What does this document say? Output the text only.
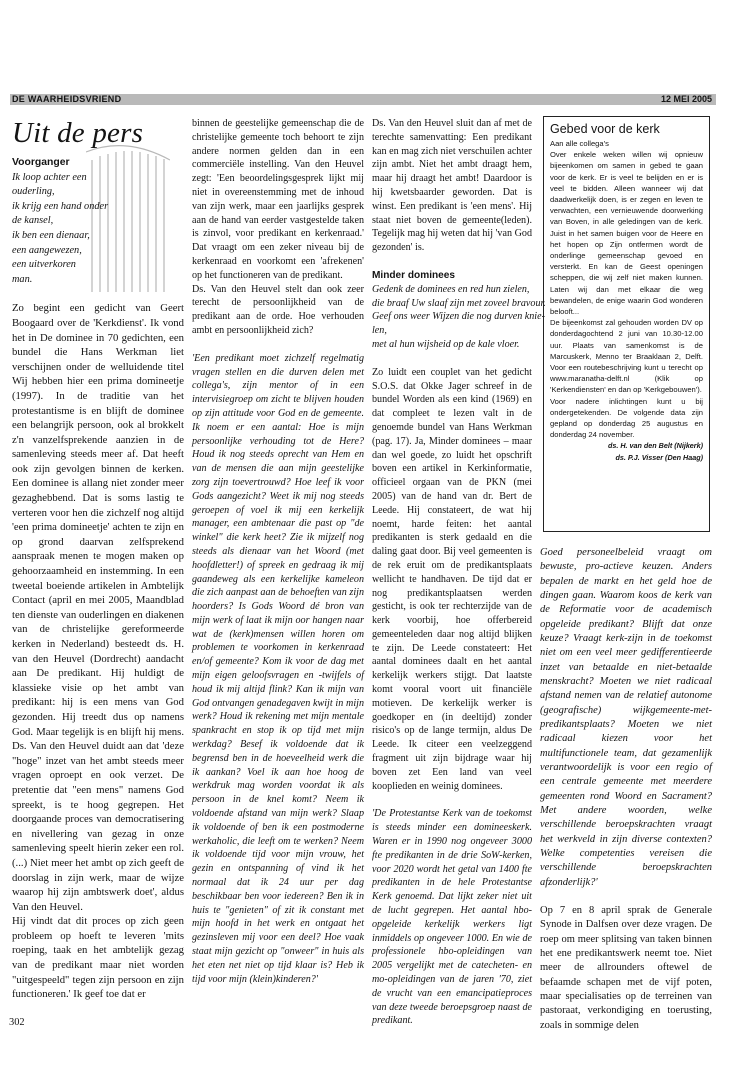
DE WAARHEIDSVRIEND	12 MEI 2005
Uit de pers

Voorganger

Ik loop achter een

ouderling,

ik krijg een hand onder

de kansel,

ik ben een dienaar,

een aangewezen,

een uitverkoren

man.

Zo begint een gedicht van Geert Boogaard over de 'Kerkdienst'. Ik vond het in De dominee in 70 gedichten, een bundel die Hans Werkman liet verschijnen onder de welluidende titel Wij hebben hier een prima domineetje (1997). In de traditie van het protestantisme is en blijft de dominee een belangrijk persoon, ook al brokkelt z'n vanzelfsprekende aanzien in de samenleving steeds meer af. Dat heeft ook zijn gevolgen binnen de kerken. Een dominee is allang niet zonder meer gezaghebbend. Dat is soms lastig te verteren voor hen die zichzelf nog altijd 'een prima domineetje' achten te zijn en op grond daarvan zelfsprekend aanspraak menen te mogen maken op gehoorzaamheid en instemming. In een tweetal boeiende artikelen in Ambtelijk Contact (april en mei 2005, Maandblad ten dienste van ouderlingen en diakenen van de christelijke gereformeerde kerken in Nederland) besteedt ds. H. van den Heuvel (Dordrecht) aandacht aan De predikant. Hij huldigt de klassieke visie op het ambt van predikant: hij is een mens van God gezonden. Hij treedt dus op namens God. Maar tegelijk is en blijft hij mens. Ds. Van den Heuvel duidt aan dat 'deze "hoge" inzet van het ambt steeds meer vragen oproept en ook verzet. De pretentie dat "een mens" namens God spreekt, is te hoog gegrepen. Het doorgaande proces van democratisering en nivellering van gezag in onze samenleving speelt hierin zeker een rol. (...) Niet meer het ambt op zich geeft de doorslag in zijn werk, maar de wijze waarop hij zijn ambtswerk doet', aldus Van den Heuvel.

Hij vindt dat dit proces op zich geen probleem op hoeft te leveren 'mits roeping, taak en het ambtelijk gezag van de predikant maar niet worden "uitgespeeld" tegen zijn persoon en zijn functioneren.' Ik geef toe dat er

302

binnen de geestelijke gemeenschap die de christelijke gemeente toch behoort te zijn andere normen gelden dan in een commerciële instelling. Van den Heuvel zegt: 'Een beoordelingsgesprek lijkt mij niet in overeenstemming met de inhoud van zijn werk, maar een jaarlijks gesprek aan de hand van eerder vastgestelde taken is zinvol, voor predikant en kerkenraad.' Dat vraagt om een zeker niveau bij de kerkenraad en voorkomt een 'afrekenen' op het functioneren van de predikant.

Ds. Van den Heuvel stelt dan ook zeer terecht de persoonlijkheid van de predikant aan de orde. Hoe verhouden ambt en persoonlijkheid zich?

'Een predikant moet zichzelf regelmatig vragen stellen en die durven delen met collega's, zijn mentor of in een intervisiegroep om zicht te blijven houden op zijn attitude voor God en de gemeente. Ik noem er een aantal: Hoe is mijn persoonlijke verhouding tot de Here? Houd ik nog steeds oprecht van Hem en van de mensen die aan mijn geestelijke zorg zijn toevertrouwd? Hoe leef ik voor Gods aangezicht? Weet ik mij nog steeds geroepen of voel ik mij een kerkelijk manager, een ambtenaar die past op "de winkel" die kerk heet? Zie ik mijzelf nog steeds als dienaar van het Woord (met hoofdletter!) of spreek en gedraag ik mij gaandeweg als een kerkelijke kameleon die zich aanpast aan de behoeften van zijn hoorders? Is Gods Woord dé bron van mijn werk of laat ik mijn oor hangen naar wat de (kerk)mensen willen horen om problemen te voorkomen in kerkenraad en/of gemeente? Kom ik voor de dag met mijn eigen geloofsvragen en -twijfels of houd ik mij altijd flink? Kan ik mijn van God ontvangen genadegaven kwijt in mijn werk? Houd ik rekening met mijn mentale spankracht en stop ik op tijd met mijn werkdag? Besef ik voldoende dat ik begrensd ben in de hoeveelheid werk die ik aankan? Voel ik aan hoe hoog de werkdruk mag worden voordat ik als persoon in de knel komt? Neem ik voldoende afstand van mijn werk? Slaap ik voldoende of ben ik een postmoderne werkaholic, die leeft om te werken? Neem ik voldoende tijd voor mijn vrouw, het gezin en ontspanning of vind ik het normaal dat ik 24 uur per dag beschikbaar ben voor iedereen? Ben ik in huis te "genieten" of zit ik constant met mijn hoofd in het werk en ontgaat het gezinsleven mij voor een deel? Hoe vaak staat mijn gezicht op "onweer" in huis als het eten net niet op tijd klaar is? Heb ik tijd voor mijn (klein)kinderen?'

Ds. Van den Heuvel sluit dan af met de terechte samenvatting: Een predikant kan en mag zich niet verschuilen achter zijn ambt. Niet het ambt draagt hem, maar hij draagt het ambt! Daardoor is hij kwetsbaarder geworden. Dat is winst. Een predikant is 'een mens'. Hij staat niet boven de gemeente(leden). Tegelijk mag hij weten dat hij 'van God gezonden' is.

Minder dominees

Gedenk de dominees en red hun zielen,

die braaf Uw slaaf zijn met zoveel bravour.

Geef ons weer Wijzen die nog durven knie-

len,

met al hun wijsheid op de kale vloer.

Zo luidt een couplet van het gedicht S.O.S. dat Okke Jager schreef in de bundel Worden als een kind (1969) en dat compleet te lezen valt in de genoemde bundel van Hans Werkman (pag. 17). Ja, Minder dominees – maar dan wel goede, zo luidt het opschrift boven een artikel in Kerkinformatie, officieel orgaan van de PKN (mei 2005) van de hand van dr. Bert de Leede. Hij constateert, de wat hij noemt, harde feiten: het aantal predikanten is sterk gedaald en die daling gaat door. Bij veel gemeenten is de rek eruit om de predikantsplaats wellicht te handhaven. De tijd dat er nog predikantsplaatsen werden gesticht, is ook ter rechterzijde van de kerk voorbij, hoe offerbereid gemeenteleden daar nog altijd blijken te zijn. De Leede constateert: Het aantal dominees daalt en het aantal kerkelijk werkers stijgt. Dat laatste komt vooral voort uit financiële motieven. De kerkelijk werker is goedkoper en (in deeltijd) zonder risico's op de lange termijn, aldus De Leede. Ik citeer een veelzeggend fragment uit zijn bijdrage waar hij boven zet Een land van veel kooplieden en weinig dominees.

'De Protestantse Kerk van de toekomst is steeds minder een domineeskerk. Waren er in 1990 nog ongeveer 3000 fte predikanten in de drie SoW-kerken, voor 2020 wordt het getal van 1400 fte predikanten in de hele Protestantse Kerk genoemd. Dat lijkt zeker niet uit de lucht gegrepen. Het aantal hbo-opgeleide kerkelijk werkers ligt inmiddels op ongeveer 1000. En wie de professionele hbo-opleidingen van 2005 vergelijkt met de catecheten- en mo-opleidingen van de jaren '70, ziet de vrucht van een emancipatieproces van deze tweede beroepsgroep naast de predikant.

Gebed voor de kerk

Aan alle collega's

Over enkele weken willen wij opnieuw bijeenkomen om samen in gebed te gaan voor de kerk. Er is veel te belijden en er is veel te bidden. Alleen wanneer wij dat daadwerkelijk doen, is er zegen en leven te verwachten, een vernieuwende doorwerking van Boven, in alle geledingen van de kerk. Juist in het samen buigen voor de Heere en het hopen op Zijn ontfermen wordt de onderlinge gemeenschap gevoed en versterkt. En kan de Geest openingen scheppen, die wij zelf niet maken kunnen. Laten wij dan met elkaar die weg bewandelen, de enige waarin God wonderen belooft...

De bijeenkomst zal gehouden worden DV op donderdagochtend 2 juni van 10.30-12.00 uur. Plaats van samenkomst is de Marcuskerk, Menno ter Braaklaan 2, Delft. Voor een routebeschrijving kunt u terecht op www.maranatha-delft.nl (Klik op 'Kerkendiensten' en dan op 'Kerkgebouwen').

Voor nadere inlichtingen kunt u bij ondergetekenden. De volgende data zijn gepland op donderdag 25 augustus en donderdag 24 november.

ds. H. van den Belt (Nijkerk)

ds. P.J. Visser (Den Haag)

Goed personeelbeleid vraagt om bewuste, pro-actieve keuzen. Anders bepalen de markt en het geld hoe de dingen gaan. Waarom koos de kerk van de Reformatie voor de academisch opgeleide predikant? Blijft dat onze keuze? Vraagt kerk-zijn in de toekomst niet om een veel meer gedifferentieerde inzet van betaalde en niet-betaalde menskracht? Moeten we niet radicaal afstand nemen van de relatief autonome (geografische) wijkgemeente-met-predikantsplaats? Moeten we niet radicaal kiezen voor het multifunctionele team, dat gezamenlijk verantwoordelijk is voor een regio of een centrale gemeente met meerdere gemeenten rond Woord en Sacrament? Met andere woorden, welke verschillende beroepskrachten vraagt het werkveld in zijn diverse contexten? Welke competenties vereisen die verschillende beroepskrachten afzonderlijk?'

Op 7 en 8 april sprak de Generale Synode in Dalfsen over deze vragen. De roep om meer splitsing van taken binnen het ene predikantswerk neemt toe. Niet meer de allrounders oftewel de befaamde schapen met de vijf poten, maar specialisaties op de terreinen van pastoraat, verkondiging en toerusting, zoals in sommige delen
